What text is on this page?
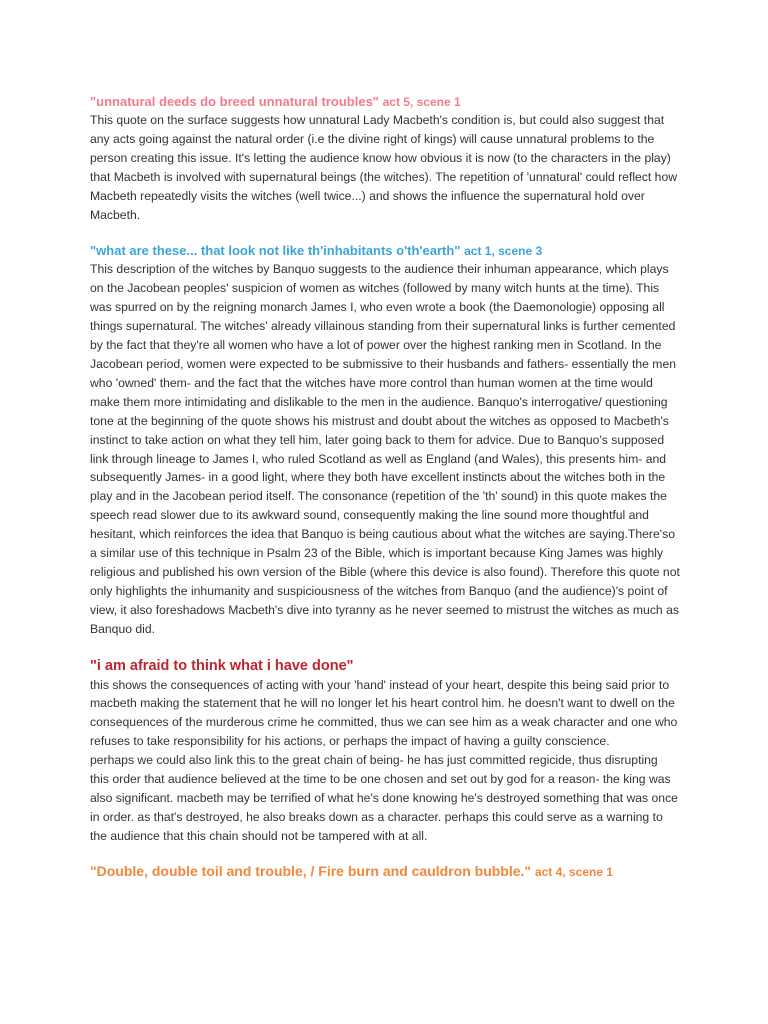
"unnatural deeds do breed unnatural troubles" act 5, scene 1

This quote on the surface suggests how unnatural Lady Macbeth's condition is, but could also suggest that any acts going against the natural order (i.e the divine right of kings) will cause unnatural problems to the person creating this issue. It's letting the audience know how obvious it is now (to the characters in the play) that Macbeth is involved with supernatural beings (the witches). The repetition of 'unnatural' could reflect how Macbeth repeatedly visits the witches (well twice...) and shows the influence the supernatural hold over Macbeth.

"what are these... that look not like th'inhabitants o'th'earth" act 1, scene 3

This description of the witches by Banquo suggests to the audience their inhuman appearance, which plays on the Jacobean peoples' suspicion of women as witches (followed by many witch hunts at the time). This was spurred on by the reigning monarch James I, who even wrote a book (the Daemonologie) opposing all things supernatural. The witches' already villainous standing from their supernatural links is further cemented by the fact that they're all women who have a lot of power over the highest ranking men in Scotland. In the Jacobean period, women were expected to be submissive to their husbands and fathers- essentially the men who 'owned' them- and the fact that the witches have more control than human women at the time would make them more intimidating and dislikable to the men in the audience. Banquo's interrogative/ questioning tone at the beginning of the quote shows his mistrust and doubt about the witches as opposed to Macbeth's instinct to take action on what they tell him, later going back to them for advice. Due to Banquo's supposed link through lineage to James I, who ruled Scotland as well as England (and Wales), this presents him- and subsequently James- in a good light, where they both have excellent instincts about the witches both in the play and in the Jacobean period itself. The consonance (repetition of the 'th' sound) in this quote makes the speech read slower due to its awkward sound, consequently making the line sound more thoughtful and hesitant, which reinforces the idea that Banquo is being cautious about what the witches are saying.There'so a similar use of this technique in Psalm 23 of the Bible, which is important because King James was highly religious and published his own version of the Bible (where this device is also found). Therefore this quote not only highlights the inhumanity and suspiciousness of the witches from Banquo (and the audience)'s point of view, it also foreshadows Macbeth's dive into tyranny as he never seemed to mistrust the witches as much as Banquo did.

"i am afraid to think what i have done"

this shows the consequences of acting with your 'hand' instead of your heart, despite this being said prior to macbeth making the statement that he will no longer let his heart control him. he doesn't want to dwell on the consequences of the murderous crime he committed, thus we can see him as a weak character and one who refuses to take responsibility for his actions, or perhaps the impact of having a guilty conscience.

perhaps we could also link this to the great chain of being- he has just committed regicide, thus disrupting this order that audience believed at the time to be one chosen and set out by god for a reason- the king was also significant. macbeth may be terrified of what he's done knowing he's destroyed something that was once in order. as that's destroyed, he also breaks down as a character. perhaps this could serve as a warning to the audience that this chain should not be tampered with at all.

"Double, double toil and trouble, / Fire burn and cauldron bubble." act 4, scene 1
